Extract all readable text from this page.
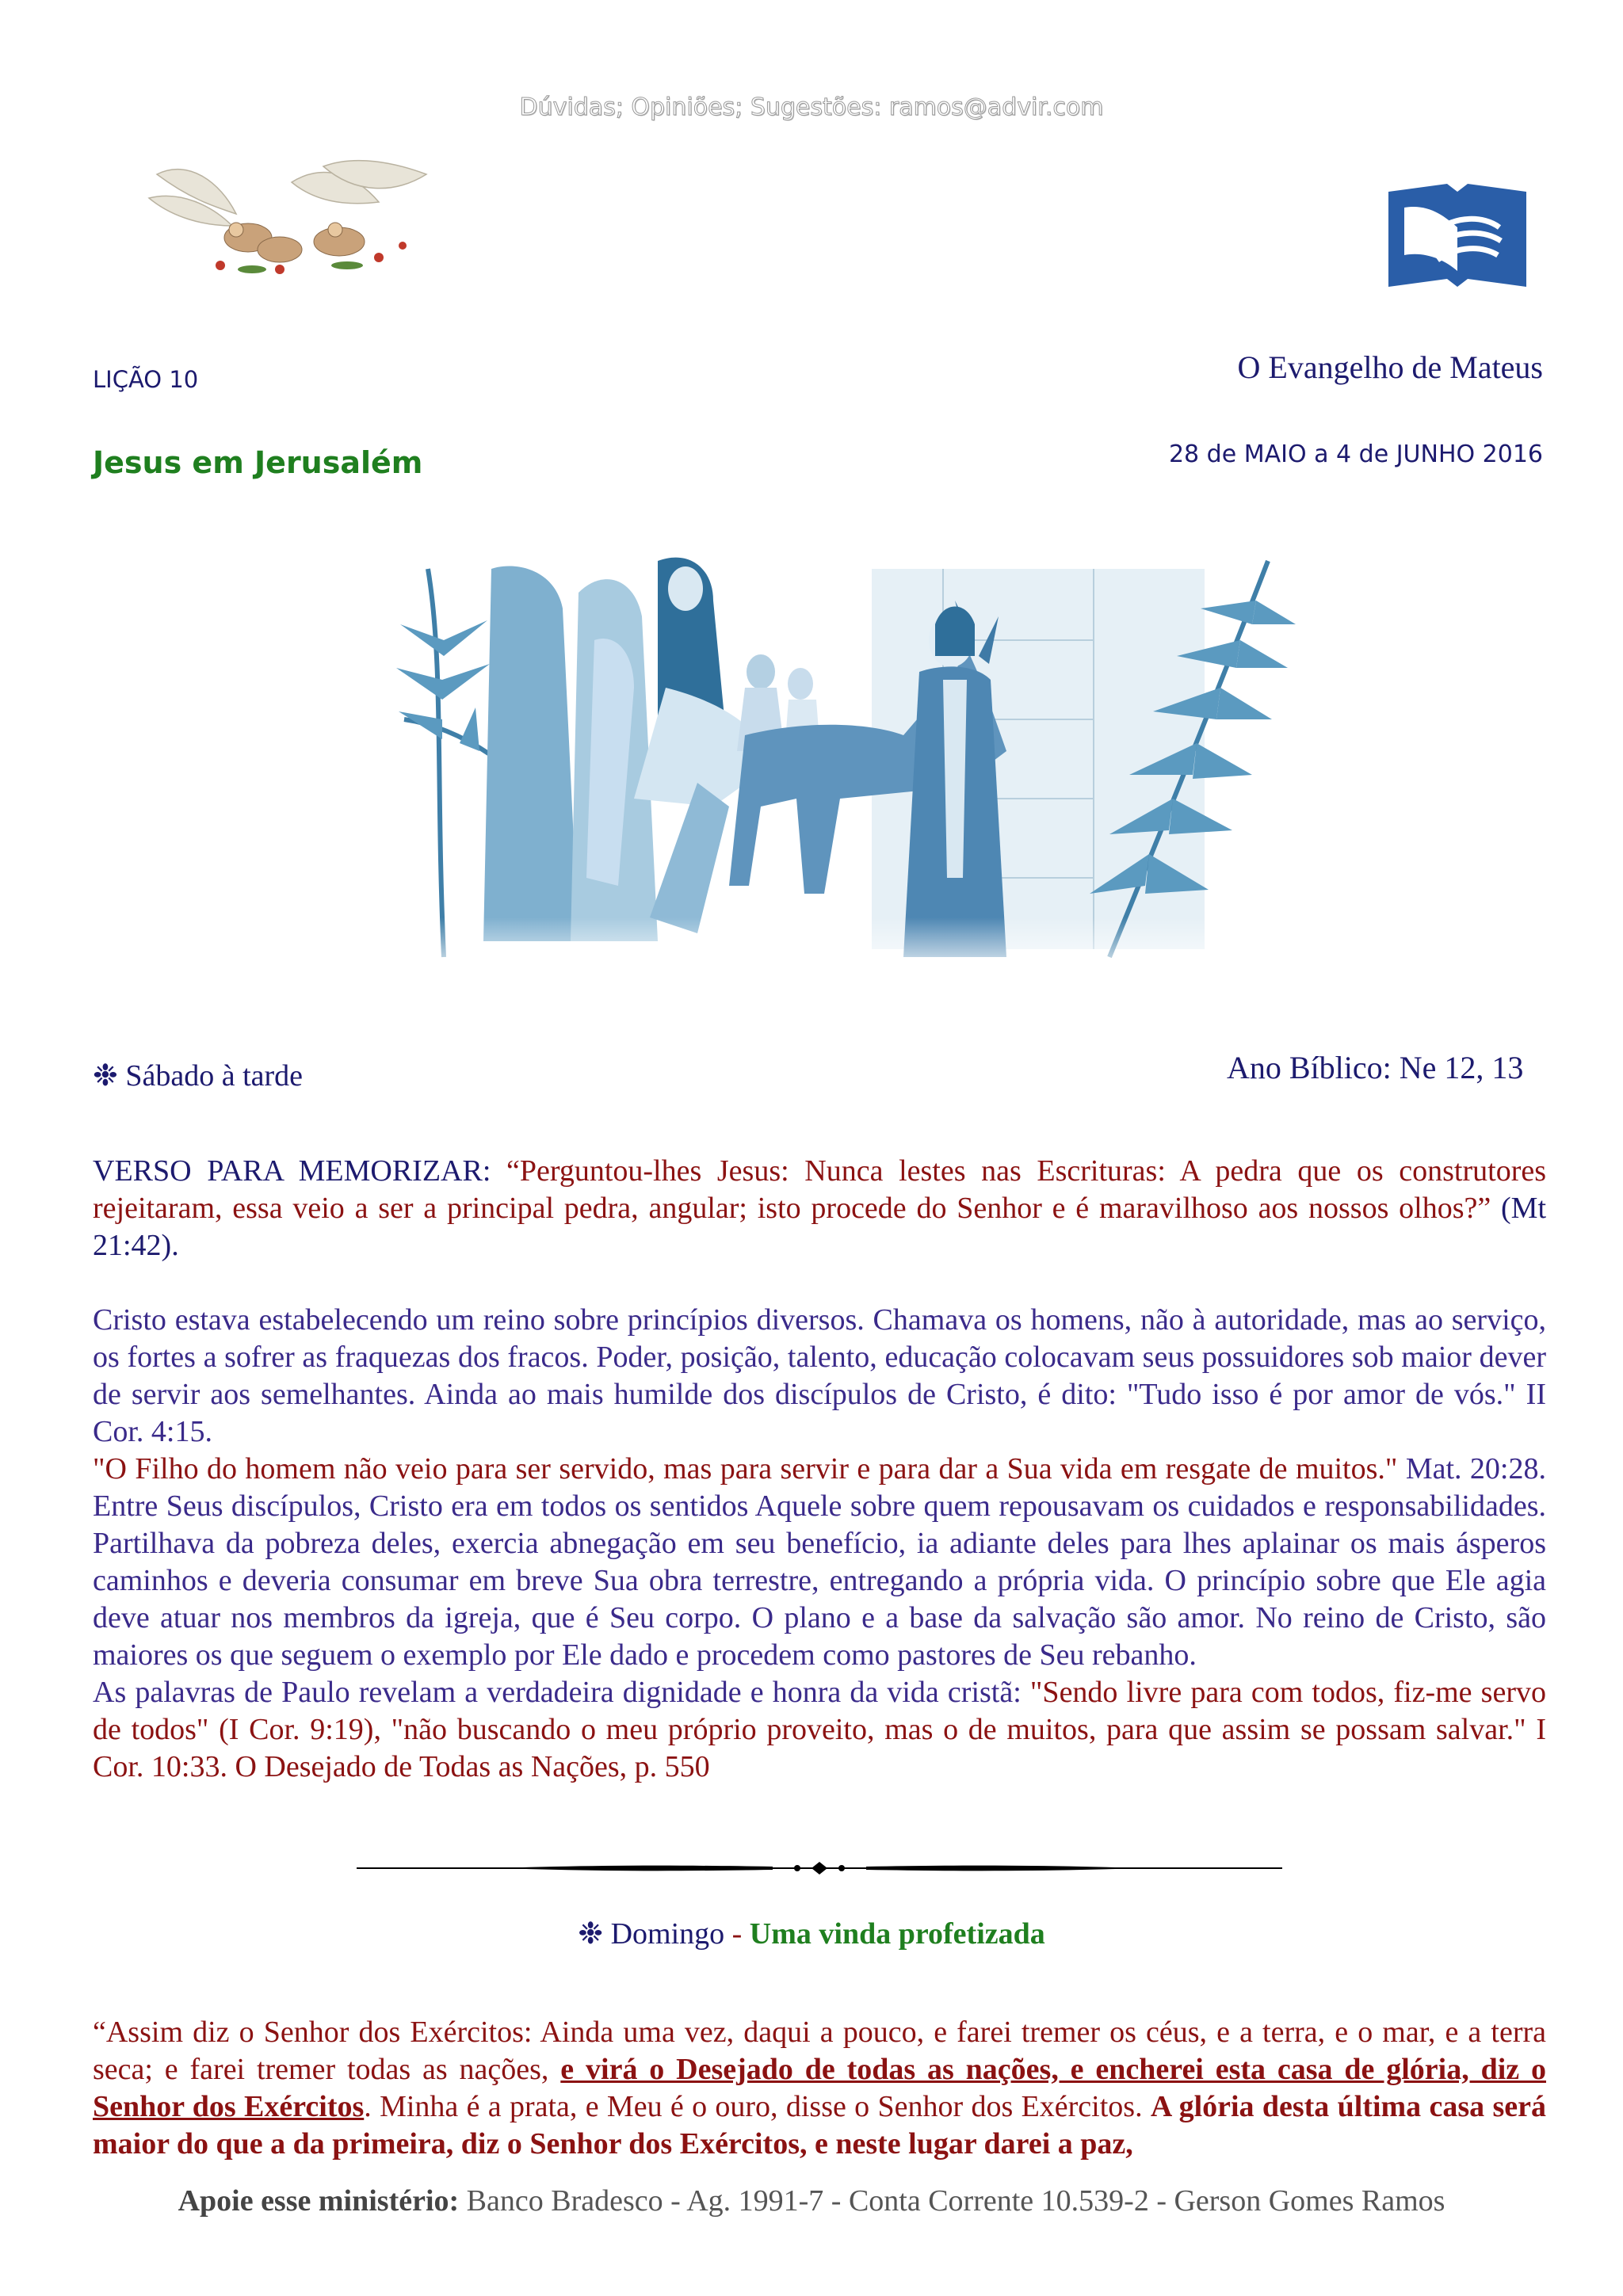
Dúvidas; Opiniões; Sugestões: ramos@advir.com
LIÇÃO 10	O Evangelho de Mateus
Jesus em Jerusalém	28 de MAIO a 4 de JUNHO 2016
❉ Sábado à tarde	Ano Bíblico: Ne 12, 13
VERSO PARA MEMORIZAR: “Perguntou-lhes Jesus: Nunca lestes nas Escrituras: A pedra que os construtores rejeitaram, essa veio a ser a principal pedra, angular; isto procede do Senhor e é maravilhoso aos nossos olhos?” (Mt 21:42).
Cristo estava estabelecendo um reino sobre princípios diversos. Chamava os homens, não à autoridade, mas ao serviço, os fortes a sofrer as fraquezas dos fracos. Poder, posição, talento, educação colocavam seus possuidores sob maior dever de servir aos semelhantes. Ainda ao mais humilde dos discípulos de Cristo, é dito: "Tudo isso é por amor de vós." II Cor. 4:15.
"O Filho do homem não veio para ser servido, mas para servir e para dar a Sua vida em resgate de muitos." Mat. 20:28. Entre Seus discípulos, Cristo era em todos os sentidos Aquele sobre quem repousavam os cuidados e responsabilidades. Partilhava da pobreza deles, exercia abnegação em seu benefício, ia adiante deles para lhes aplainar os mais ásperos caminhos e deveria consumar em breve Sua obra terrestre, entregando a própria vida. O princípio sobre que Ele agia deve atuar nos membros da igreja, que é Seu corpo. O plano e a base da salvação são amor. No reino de Cristo, são maiores os que seguem o exemplo por Ele dado e procedem como pastores de Seu rebanho.
As palavras de Paulo revelam a verdadeira dignidade e honra da vida cristã: "Sendo livre para com todos, fiz-me servo de todos" (I Cor. 9:19), "não buscando o meu próprio proveito, mas o de muitos, para que assim se possam salvar." I Cor. 10:33. O Desejado de Todas as Nações, p. 550
❉ Domingo - Uma vinda profetizada
“Assim diz o Senhor dos Exércitos: Ainda uma vez, daqui a pouco, e farei tremer os céus, e a terra, e o mar, e a terra seca; e farei tremer todas as nações, e virá o Desejado de todas as nações, e encherei esta casa de glória, diz o Senhor dos Exércitos. Minha é a prata, e Meu é o ouro, disse o Senhor dos Exércitos. A glória desta última casa será maior do que a da primeira, diz o Senhor dos Exércitos, e neste lugar darei a paz,
Apoie esse ministério: Banco Bradesco - Ag. 1991-7 - Conta Corrente 10.539-2 - Gerson Gomes Ramos
